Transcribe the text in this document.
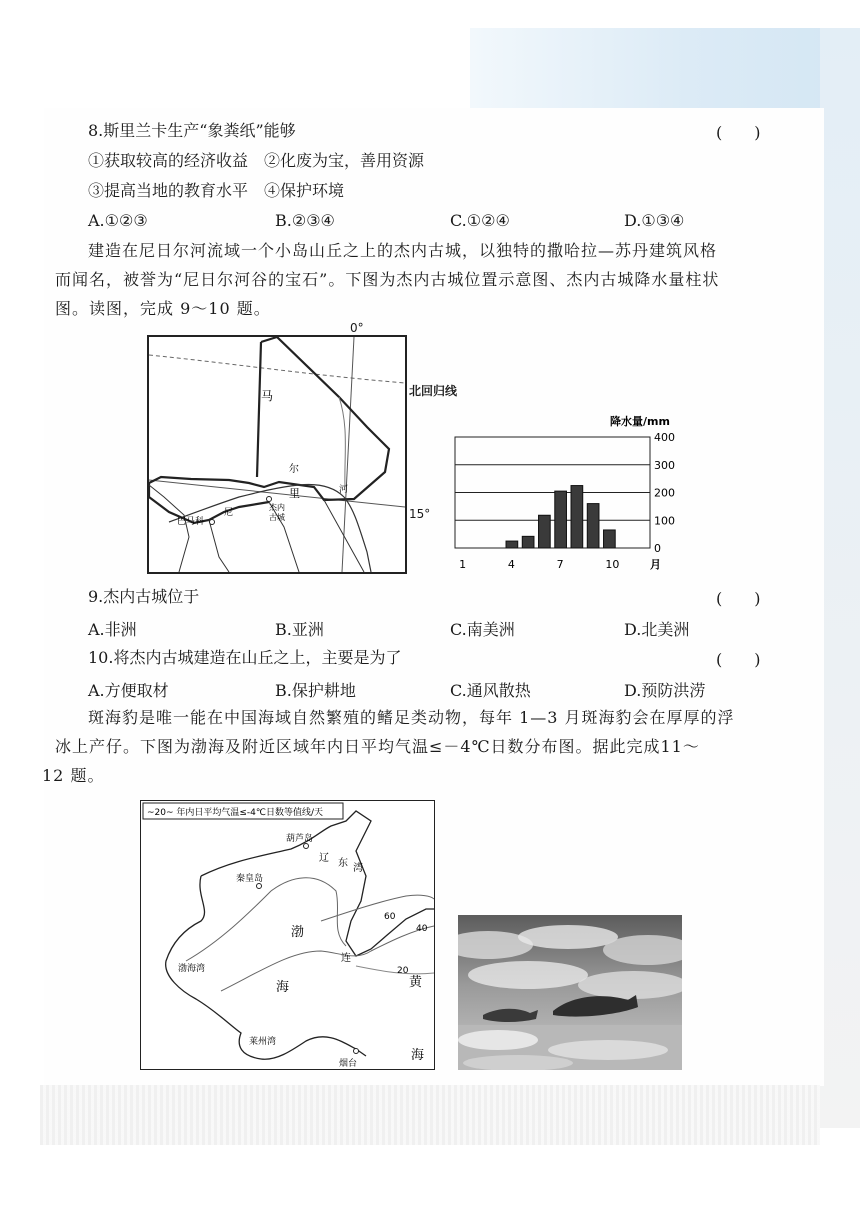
8.斯里兰卡生产“象粪纸”能够	(　　)
①获取较高的经济收益　②化废为宝，善用资源
③提高当地的教育水平　④保护环境
A.①②③	B.②③④	C.①②④	D.①③④
建造在尼日尔河流域一个小岛山丘之上的杰内古城，以独特的撒哈拉—苏丹建筑风格
而闻名，被誉为“尼日尔河谷的宝石”。下图为杰内古城位置示意图、杰内古城降水量柱状
图。读图，完成 9～10 题。
马
尔
里	河
尼
巴马科
杰内
古城
0°
北回归线
15°
降水量/mm
月
0
100
200
300
400
1	4	7	10
9.杰内古城位于	(　　)
A.非洲	B.亚洲	C.南美洲	D.北美洲
10.将杰内古城建造在山丘之上，主要是为了	(　　)
A.方便取材	B.保护耕地	C.通风散热	D.预防洪涝
斑海豹是唯一能在中国海域自然繁殖的鳍足类动物，每年 1—3 月斑海豹会在厚厚的浮
冰上产仔。下图为渤海及附近区域年内日平均气温≤－4℃日数分布图。据此完成11～
12 题。
~20~ 年内日平均气温≤-4℃日数等值线/天
葫芦岛
辽 东 湾
秦皇岛
渤
海
连
渤海湾
莱州湾
烟台
黄
海
60
40
20
